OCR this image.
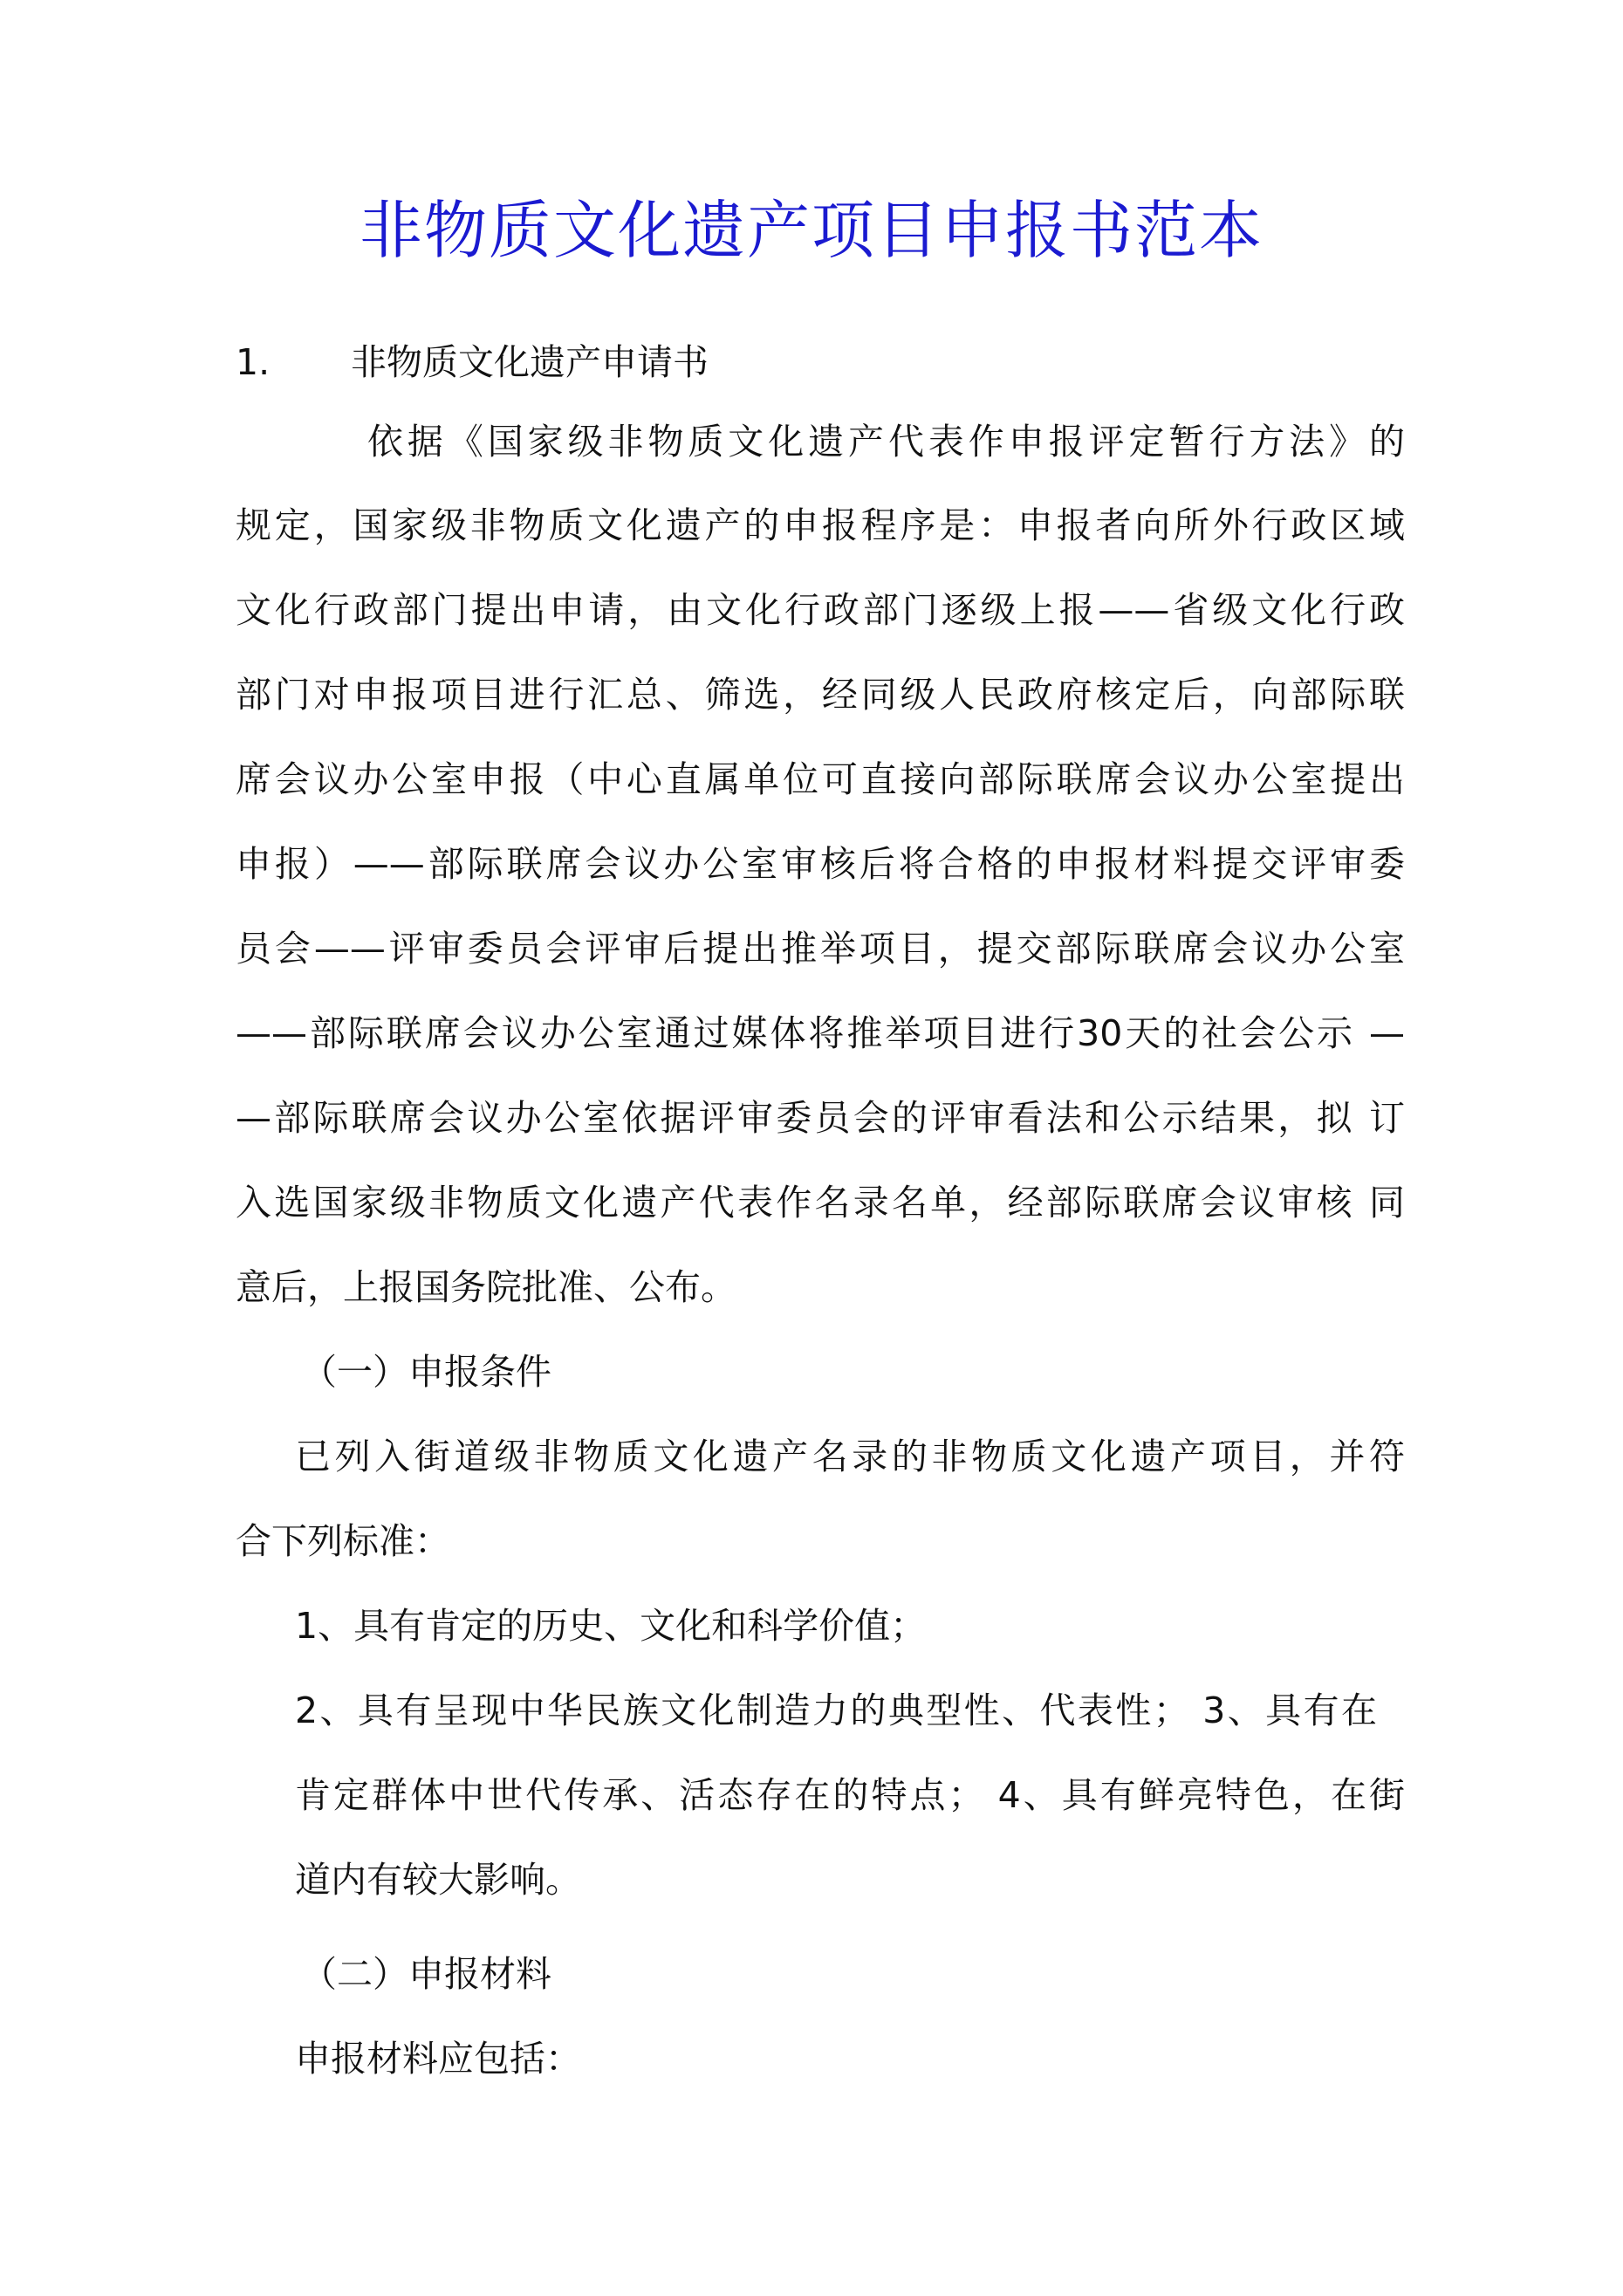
非物质文化遗产项目申报书范本
1. 非物质文化遗产申请书
依据《国家级非物质文化遗产代表作申报评定暂行方法》的
规定，国家级非物质文化遗产的申报程序是：申报者向所外行政区域
文化行政部门提出申请，由文化行政部门逐级上报——省级文化行政
部门对申报项目进行汇总、筛选，经同级人民政府核定后，向部际联
席会议办公室申报（中心直属单位可直接向部际联席会议办公室提出
申报）——部际联席会议办公室审核后将合格的申报材料提交评审委
员会——评审委员会评审后提出推举项目，提交部际联席会议办公室
——部际联席会议办公室通过媒体将推举项目进行30天的社会公示 —
—部际联席会议办公室依据评审委员会的评审看法和公示结果，拟 订
入选国家级非物质文化遗产代表作名录名单，经部际联席会议审核 同
意后，上报国务院批准、公布。
（一）申报条件
已列入街道级非物质文化遗产名录的非物质文化遗产项目，并符
合下列标准：
1、具有肯定的历史、文化和科学价值；
2、具有呈现中华民族文化制造力的典型性、代表性； 3、具有在
肯定群体中世代传承、活态存在的特点； 4、具有鲜亮特色，在街
道内有较大影响。
（二）申报材料
申报材料应包括：
